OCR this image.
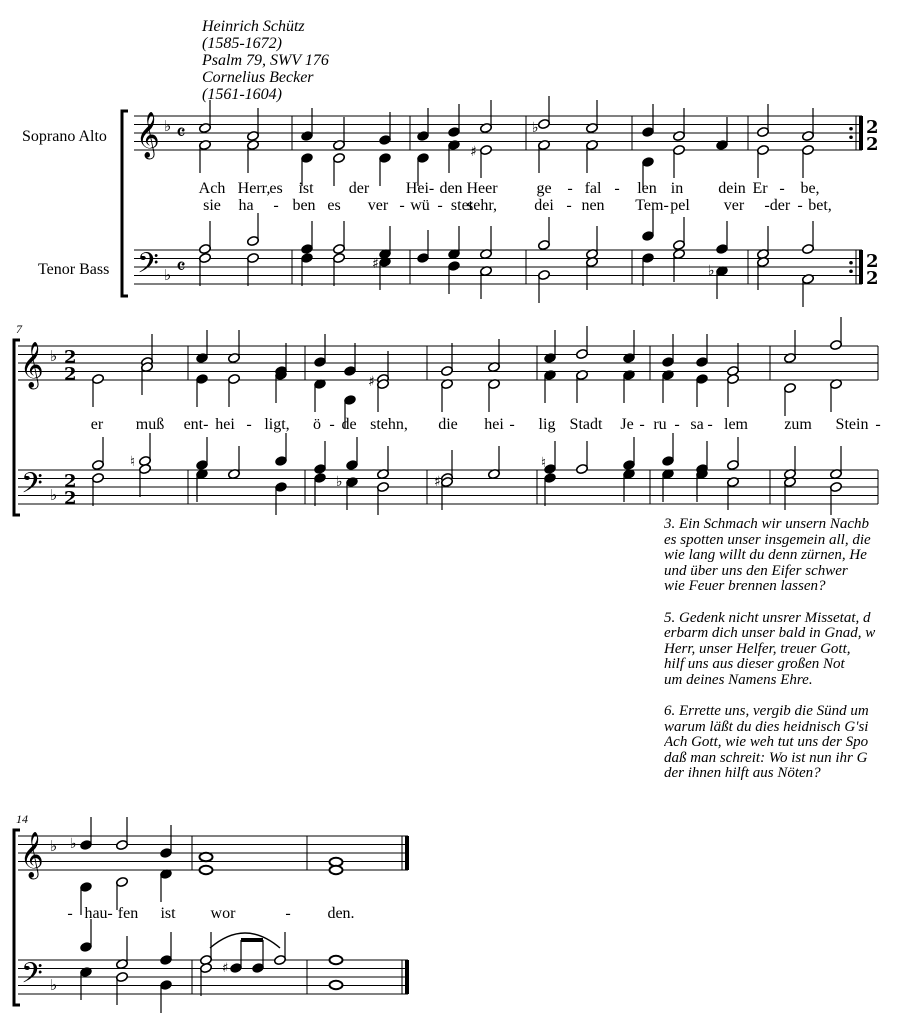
Heinrich Schütz
(1585-1672)
Psalm 79, SWV 176
Cornelius Becker
(1561-1604)
Soprano Alto
Tenor Bass
7
14
Ach Herr, es ist der Hei- den Heer ge - fal - len in dein Er - be,
sie ha - ben es ver - wü - stet
sehr, dei - nen Tem- pel ver - der - bet,
er muß ent- hei - ligt, ö - de stehn, die hei - lig Stadt Je - ru - sa - lem zum Stein -
- hau - fen ist wor	- den.
3. Ein Schmach wir unsern Nachb
es spotten unser insgemein all, die
wie lang willt du denn zürnen, He
und über uns den Eifer schwer
wie Feuer brennen lassen?
5. Gedenk nicht unsrer Missetat, d
erbarm dich unser bald in Gnad, w
Herr, unser Helfer, treuer Gott,
hilf uns aus dieser großen Not
um deines Namens Ehre.
6. Errette uns, vergib die Sünd um
warum läßt du dies heidnisch G'si
Ach Gott, wie weh tut uns der Spo
daß man schreit: Wo ist nun ihr G
der ihnen hilft aus Nöten?
𝄞
𝄢
♭
♭
𝄴
𝄴
2
2
2
2
♯
♯
♭
♭
𝄞
𝄢
♭
♭
2
2
2
2
♯
♯
♭
♮	♮
𝄞
𝄢
♭
♭
♭
♯
